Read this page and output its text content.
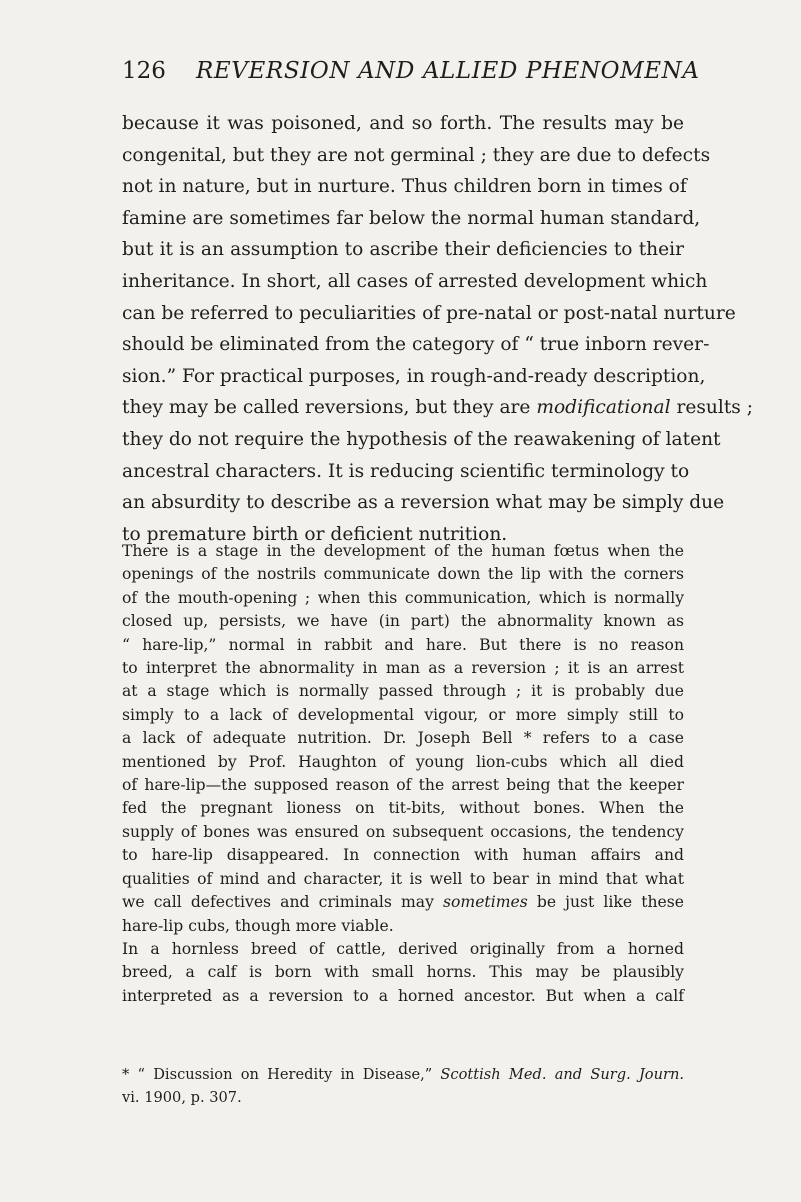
126 REVERSION AND ALLIED PHENOMENA
because it was poisoned, and so forth. The results may be
congenital, but they are not germinal ; they are due to defects
not in nature, but in nurture. Thus children born in times of
famine are sometimes far below the normal human standard,
but it is an assumption to ascribe their deficiencies to their
inheritance. In short, all cases of arrested development which
can be referred to peculiarities of pre-natal or post-natal nurture
should be eliminated from the category of “ true inborn rever-
sion.” For practical purposes, in rough-and-ready description,
they may be called reversions, but they are modificational results ;
they do not require the hypothesis of the reawakening of latent
ancestral characters. It is reducing scientific terminology to
an absurdity to describe as a reversion what may be simply due
to premature birth or deficient nutrition.
There is a stage in the development of the human fœtus when the
openings of the nostrils communicate down the lip with the corners
of the mouth-opening ; when this communication, which is normally
closed up, persists, we have (in part) the abnormality known as
“ hare-lip,” normal in rabbit and hare. But there is no reason
to interpret the abnormality in man as a reversion ; it is an arrest
at a stage which is normally passed through ; it is probably due
simply to a lack of developmental vigour, or more simply still to
a lack of adequate nutrition. Dr. Joseph Bell * refers to a case
mentioned by Prof. Haughton of young lion-cubs which all died
of hare-lip—the supposed reason of the arrest being that the keeper
fed the pregnant lioness on tit-bits, without bones. When the
supply of bones was ensured on subsequent occasions, the tendency
to hare-lip disappeared. In connection with human affairs and
qualities of mind and character, it is well to bear in mind that what
we call defectives and criminals may sometimes be just like these
hare-lip cubs, though more viable.
In a hornless breed of cattle, derived originally from a horned
breed, a calf is born with small horns. This may be plausibly
interpreted as a reversion to a horned ancestor. But when a calf
* “ Discussion on Heredity in Disease,” Scottish Med. and Surg. Journ.
vi. 1900, p. 307.
